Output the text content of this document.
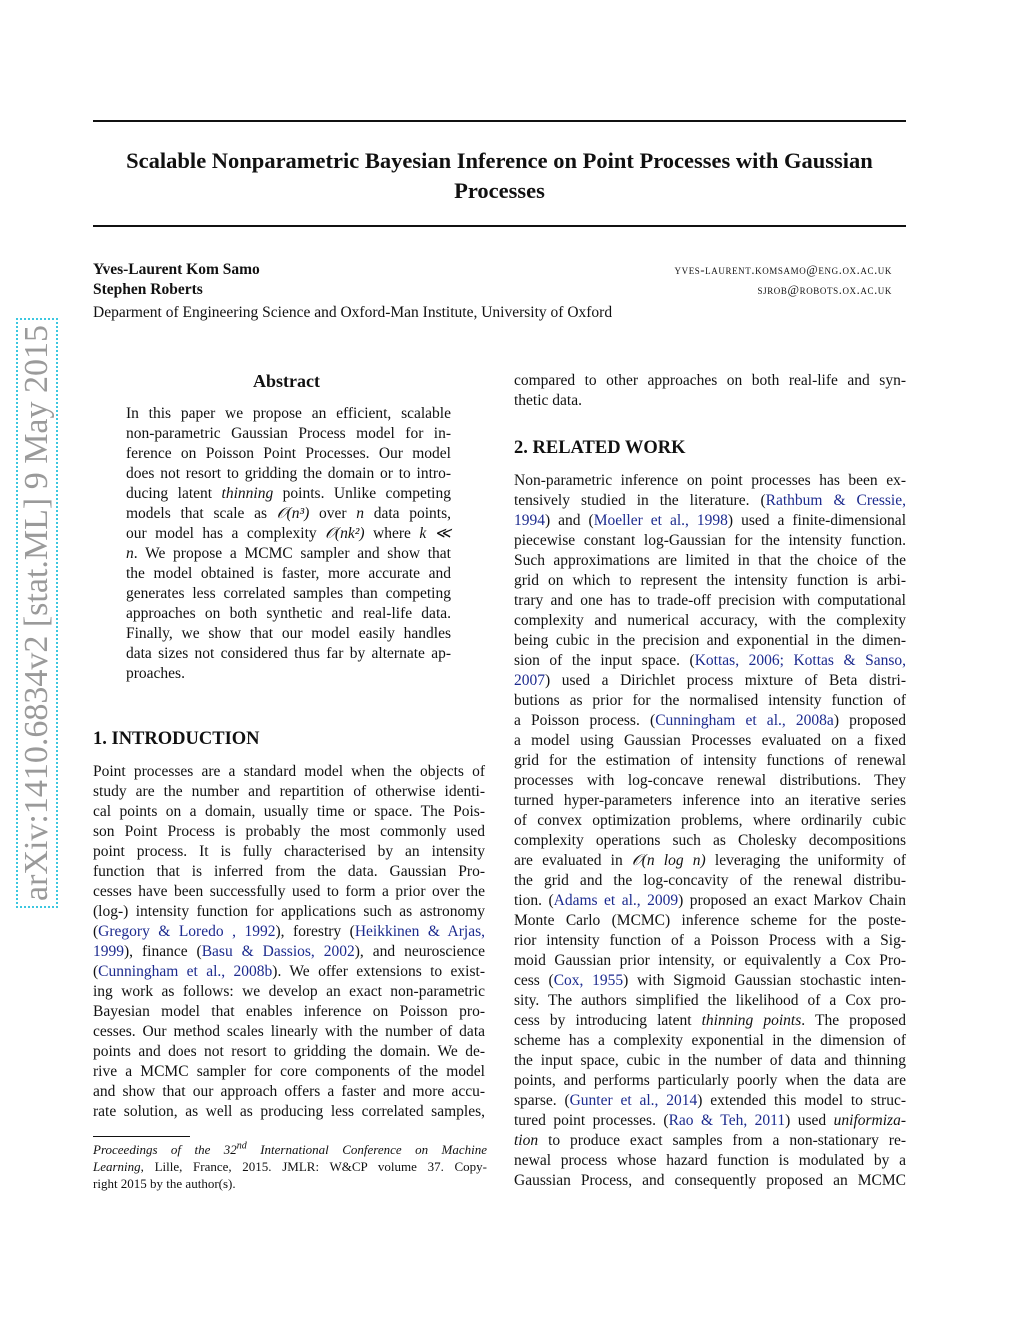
arXiv:1410.6834v2 [stat.ML] 9 May 2015
Scalable Nonparametric Bayesian Inference on Point Processes with Gaussian
Processes
Yves-Laurent Kom Samo	yves-laurent.komsamo@eng.ox.ac.uk
Stephen Roberts	sjrob@robots.ox.ac.uk
Deparment of Engineering Science and Oxford-Man Institute, University of Oxford
Abstract
In this paper we propose an efficient, scalable
non-parametric Gaussian Process model for in-
ference on Poisson Point Processes. Our model
does not resort to gridding the domain or to intro-
ducing latent thinning points. Unlike competing
models that scale as 𝒪(n³) over n data points,
our model has a complexity 𝒪(nk²) where k ≪
n. We propose a MCMC sampler and show that
the model obtained is faster, more accurate and
generates less correlated samples than competing
approaches on both synthetic and real-life data.
Finally, we show that our model easily handles
data sizes not considered thus far by alternate ap-
proaches.
1. INTRODUCTION
Point processes are a standard model when the objects of
study are the number and repartition of otherwise identi-
cal points on a domain, usually time or space. The Pois-
son Point Process is probably the most commonly used
point process. It is fully characterised by an intensity
function that is inferred from the data. Gaussian Pro-
cesses have been successfully used to form a prior over the
(log-) intensity function for applications such as astronomy
(Gregory & Loredo , 1992), forestry (Heikkinen & Arjas,
1999), finance (Basu & Dassios, 2002), and neuroscience
(Cunningham et al., 2008b). We offer extensions to exist-
ing work as follows: we develop an exact non-parametric
Bayesian model that enables inference on Poisson pro-
cesses. Our method scales linearly with the number of data
points and does not resort to gridding the domain. We de-
rive a MCMC sampler for core components of the model
and show that our approach offers a faster and more accu-
rate solution, as well as producing less correlated samples,
Proceedings of the 32nd International Conference on Machine
Learning, Lille, France, 2015. JMLR: W&CP volume 37. Copy-
right 2015 by the author(s).
compared to other approaches on both real-life and syn-
thetic data.
2. RELATED WORK
Non-parametric inference on point processes has been ex-
tensively studied in the literature. (Rathbum & Cressie,
1994) and (Moeller et al., 1998) used a finite-dimensional
piecewise constant log-Gaussian for the intensity function.
Such approximations are limited in that the choice of the
grid on which to represent the intensity function is arbi-
trary and one has to trade-off precision with computational
complexity and numerical accuracy, with the complexity
being cubic in the precision and exponential in the dimen-
sion of the input space. (Kottas, 2006; Kottas & Sanso,
2007) used a Dirichlet process mixture of Beta distri-
butions as prior for the normalised intensity function of
a Poisson process. (Cunningham et al., 2008a) proposed
a model using Gaussian Processes evaluated on a fixed
grid for the estimation of intensity functions of renewal
processes with log-concave renewal distributions. They
turned hyper-parameters inference into an iterative series
of convex optimization problems, where ordinarily cubic
complexity operations such as Cholesky decompositions
are evaluated in 𝒪(n log n) leveraging the uniformity of
the grid and the log-concavity of the renewal distribu-
tion. (Adams et al., 2009) proposed an exact Markov Chain
Monte Carlo (MCMC) inference scheme for the poste-
rior intensity function of a Poisson Process with a Sig-
moid Gaussian prior intensity, or equivalently a Cox Pro-
cess (Cox, 1955) with Sigmoid Gaussian stochastic inten-
sity. The authors simplified the likelihood of a Cox pro-
cess by introducing latent thinning points. The proposed
scheme has a complexity exponential in the dimension of
the input space, cubic in the number of data and thinning
points, and performs particularly poorly when the data are
sparse. (Gunter et al., 2014) extended this model to struc-
tured point processes. (Rao & Teh, 2011) used uniformiza-
tion to produce exact samples from a non-stationary re-
newal process whose hazard function is modulated by a
Gaussian Process, and consequently proposed an MCMC
